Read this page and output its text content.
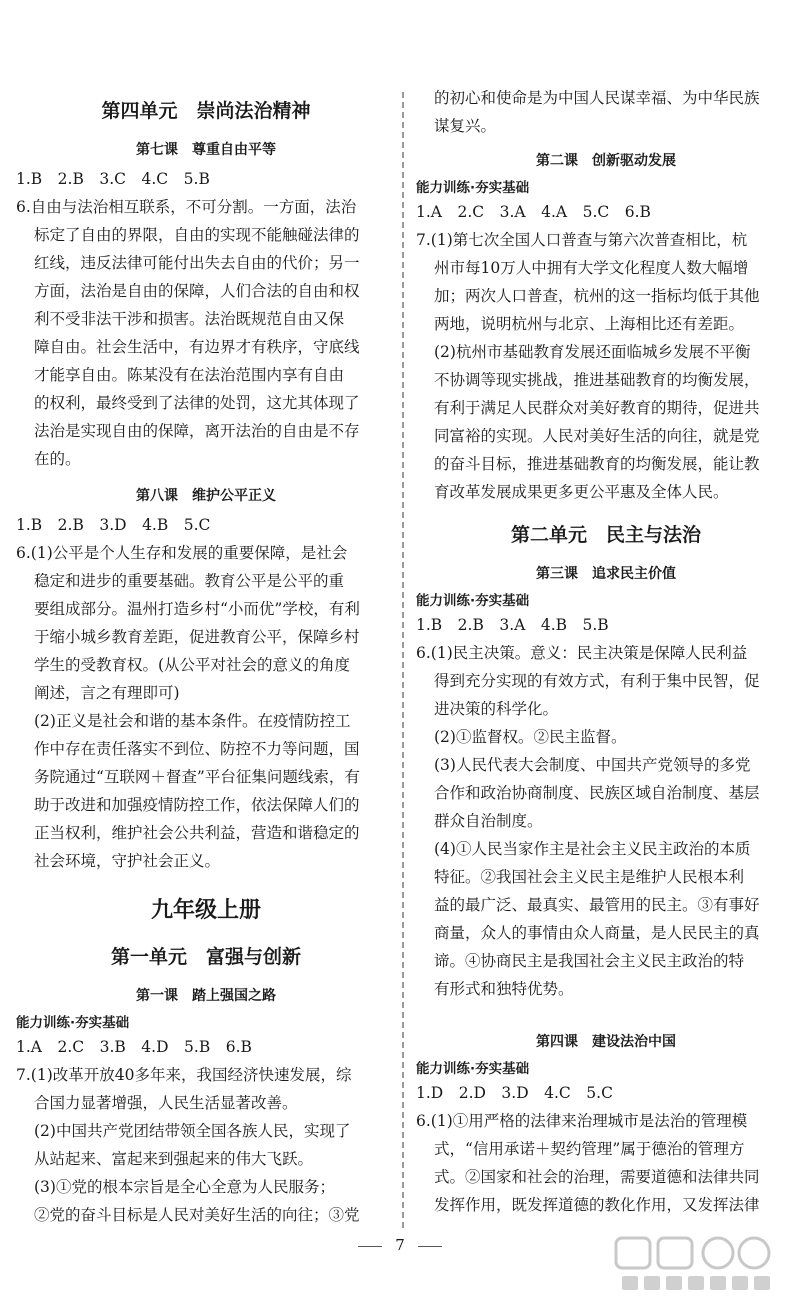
第四单元　崇尚法治精神
第七课　尊重自由平等
1.B　2.B　3.C　4.C　5.B
6.自由与法治相互联系，不可分割。一方面，法治
标定了自由的界限，自由的实现不能触碰法律的
红线，违反法律可能付出失去自由的代价；另一
方面，法治是自由的保障，人们合法的自由和权
利不受非法干涉和损害。法治既规范自由又保
障自由。社会生活中，有边界才有秩序，守底线
才能享自由。陈某没有在法治范围内享有自由
的权利，最终受到了法律的处罚，这尤其体现了
法治是实现自由的保障，离开法治的自由是不存
在的。
第八课　维护公平正义
1.B　2.B　3.D　4.B　5.C
6.(1)公平是个人生存和发展的重要保障，是社会
稳定和进步的重要基础。教育公平是公平的重
要组成部分。温州打造乡村“小而优”学校，有利
于缩小城乡教育差距，促进教育公平，保障乡村
学生的受教育权。(从公平对社会的意义的角度
阐述，言之有理即可)
(2)正义是社会和谐的基本条件。在疫情防控工
作中存在责任落实不到位、防控不力等问题，国
务院通过“互联网＋督查”平台征集问题线索，有
助于改进和加强疫情防控工作，依法保障人们的
正当权利，维护社会公共利益，营造和谐稳定的
社会环境，守护社会正义。
九年级上册
第一单元　富强与创新
第一课　踏上强国之路
能力训练·夯实基础
1.A　2.C　3.B　4.D　5.B　6.B
7.(1)改革开放40多年来，我国经济快速发展，综
合国力显著增强，人民生活显著改善。
(2)中国共产党团结带领全国各族人民，实现了
从站起来、富起来到强起来的伟大飞跃。
(3)①党的根本宗旨是全心全意为人民服务；
②党的奋斗目标是人民对美好生活的向往；③党
的初心和使命是为中国人民谋幸福、为中华民族
谋复兴。
第二课　创新驱动发展
能力训练·夯实基础
1.A　2.C　3.A　4.A　5.C　6.B
7.(1)第七次全国人口普查与第六次普查相比，杭
州市每10万人中拥有大学文化程度人数大幅增
加；两次人口普查，杭州的这一指标均低于其他
两地，说明杭州与北京、上海相比还有差距。
(2)杭州市基础教育发展还面临城乡发展不平衡
不协调等现实挑战，推进基础教育的均衡发展，
有利于满足人民群众对美好教育的期待，促进共
同富裕的实现。人民对美好生活的向往，就是党
的奋斗目标，推进基础教育的均衡发展，能让教
育改革发展成果更多更公平惠及全体人民。
第二单元　民主与法治
第三课　追求民主价值
能力训练·夯实基础
1.B　2.B　3.A　4.B　5.B
6.(1)民主决策。意义：民主决策是保障人民利益
得到充分实现的有效方式，有利于集中民智，促
进决策的科学化。
(2)①监督权。②民主监督。
(3)人民代表大会制度、中国共产党领导的多党
合作和政治协商制度、民族区域自治制度、基层
群众自治制度。
(4)①人民当家作主是社会主义民主政治的本质
特征。②我国社会主义民主是维护人民根本利
益的最广泛、最真实、最管用的民主。③有事好
商量，众人的事情由众人商量，是人民民主的真
谛。④协商民主是我国社会主义民主政治的特
有形式和独特优势。
第四课　建设法治中国
能力训练·夯实基础
1.D　2.D　3.D　4.C　5.C
6.(1)①用严格的法律来治理城市是法治的管理模
式，“信用承诺＋契约管理”属于德治的管理方
式。②国家和社会的治理，需要道德和法律共同
发挥作用，既发挥道德的教化作用，又发挥法律
7
